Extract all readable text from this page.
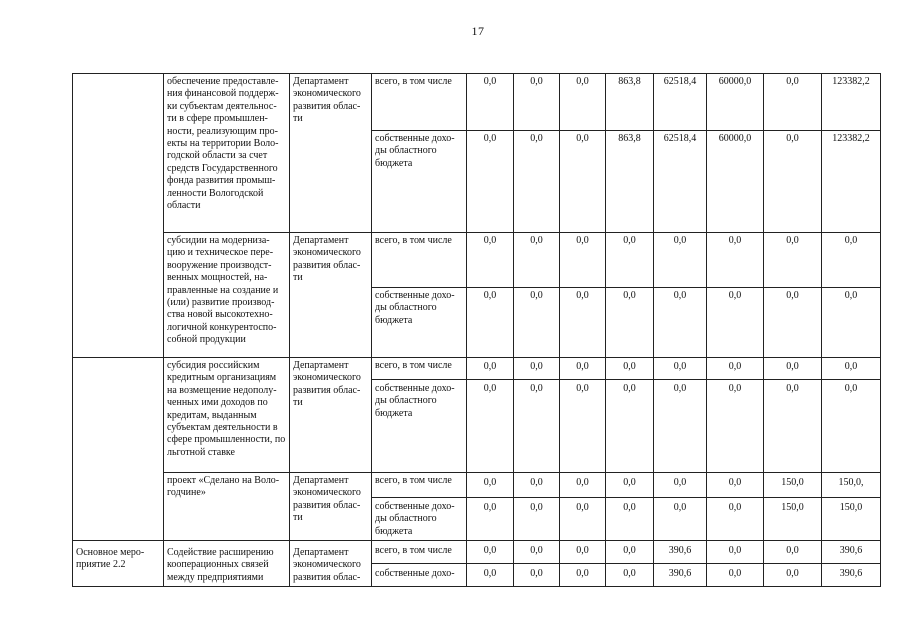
17
	обеспечение предоставле-ния финансовой поддерж-ки субъектам деятельнос-ти в сфере промышлен-ности, реализующим про-екты на территории Воло-годской области за счет средств Государственного фонда развития промыш-ленности Вологодской области	Департамент экономического развития облас-ти	всего, в том числе	0,0	0,0	0,0	863,8	62518,4	60000,0	0,0	123382,2
			собственные дохо-ды областного бюджета	0,0	0,0	0,0	863,8	62518,4	60000,0	0,0	123382,2
	субсидии на модерниза-цию и техническое пере-вооружение производст-венных мощностей, на-правленные на создание и (или) развитие производ-ства новой высокотехно-логичной конкурентоспо-собной продукции	Департамент экономического развития облас-ти	всего, в том числе	0,0	0,0	0,0	0,0	0,0	0,0	0,0	0,0
			собственные дохо-ды областного бюджета	0,0	0,0	0,0	0,0	0,0	0,0	0,0	0,0
	субсидия российским кредитным организациям на возмещение недополу-ченных ими доходов по кредитам, выданным субъектам деятельности в сфере промышленности, по льготной ставке	Департамент экономического развития облас-ти	всего, в том числе	0,0	0,0	0,0	0,0	0,0	0,0	0,0	0,0
			собственные дохо-ды областного бюджета	0,0	0,0	0,0	0,0	0,0	0,0	0,0	0,0
	проект «Сделано на Воло-годчине»	Департамент экономического развития облас-ти	всего, в том числе	0,0	0,0	0,0	0,0	0,0	0,0	150,0	150,0,
			собственные дохо-ды областного бюджета	0,0	0,0	0,0	0,0	0,0	0,0	150,0	150,0
Основное меро-приятие 2.2	Содействие расширению кооперационных связей между предприятиями	Департамент экономического развития облас-	всего, в том числе	0,0	0,0	0,0	0,0	390,6	0,0	0,0	390,6
			собственные дохо-	0,0	0,0	0,0	0,0	390,6	0,0	0,0	390,6
